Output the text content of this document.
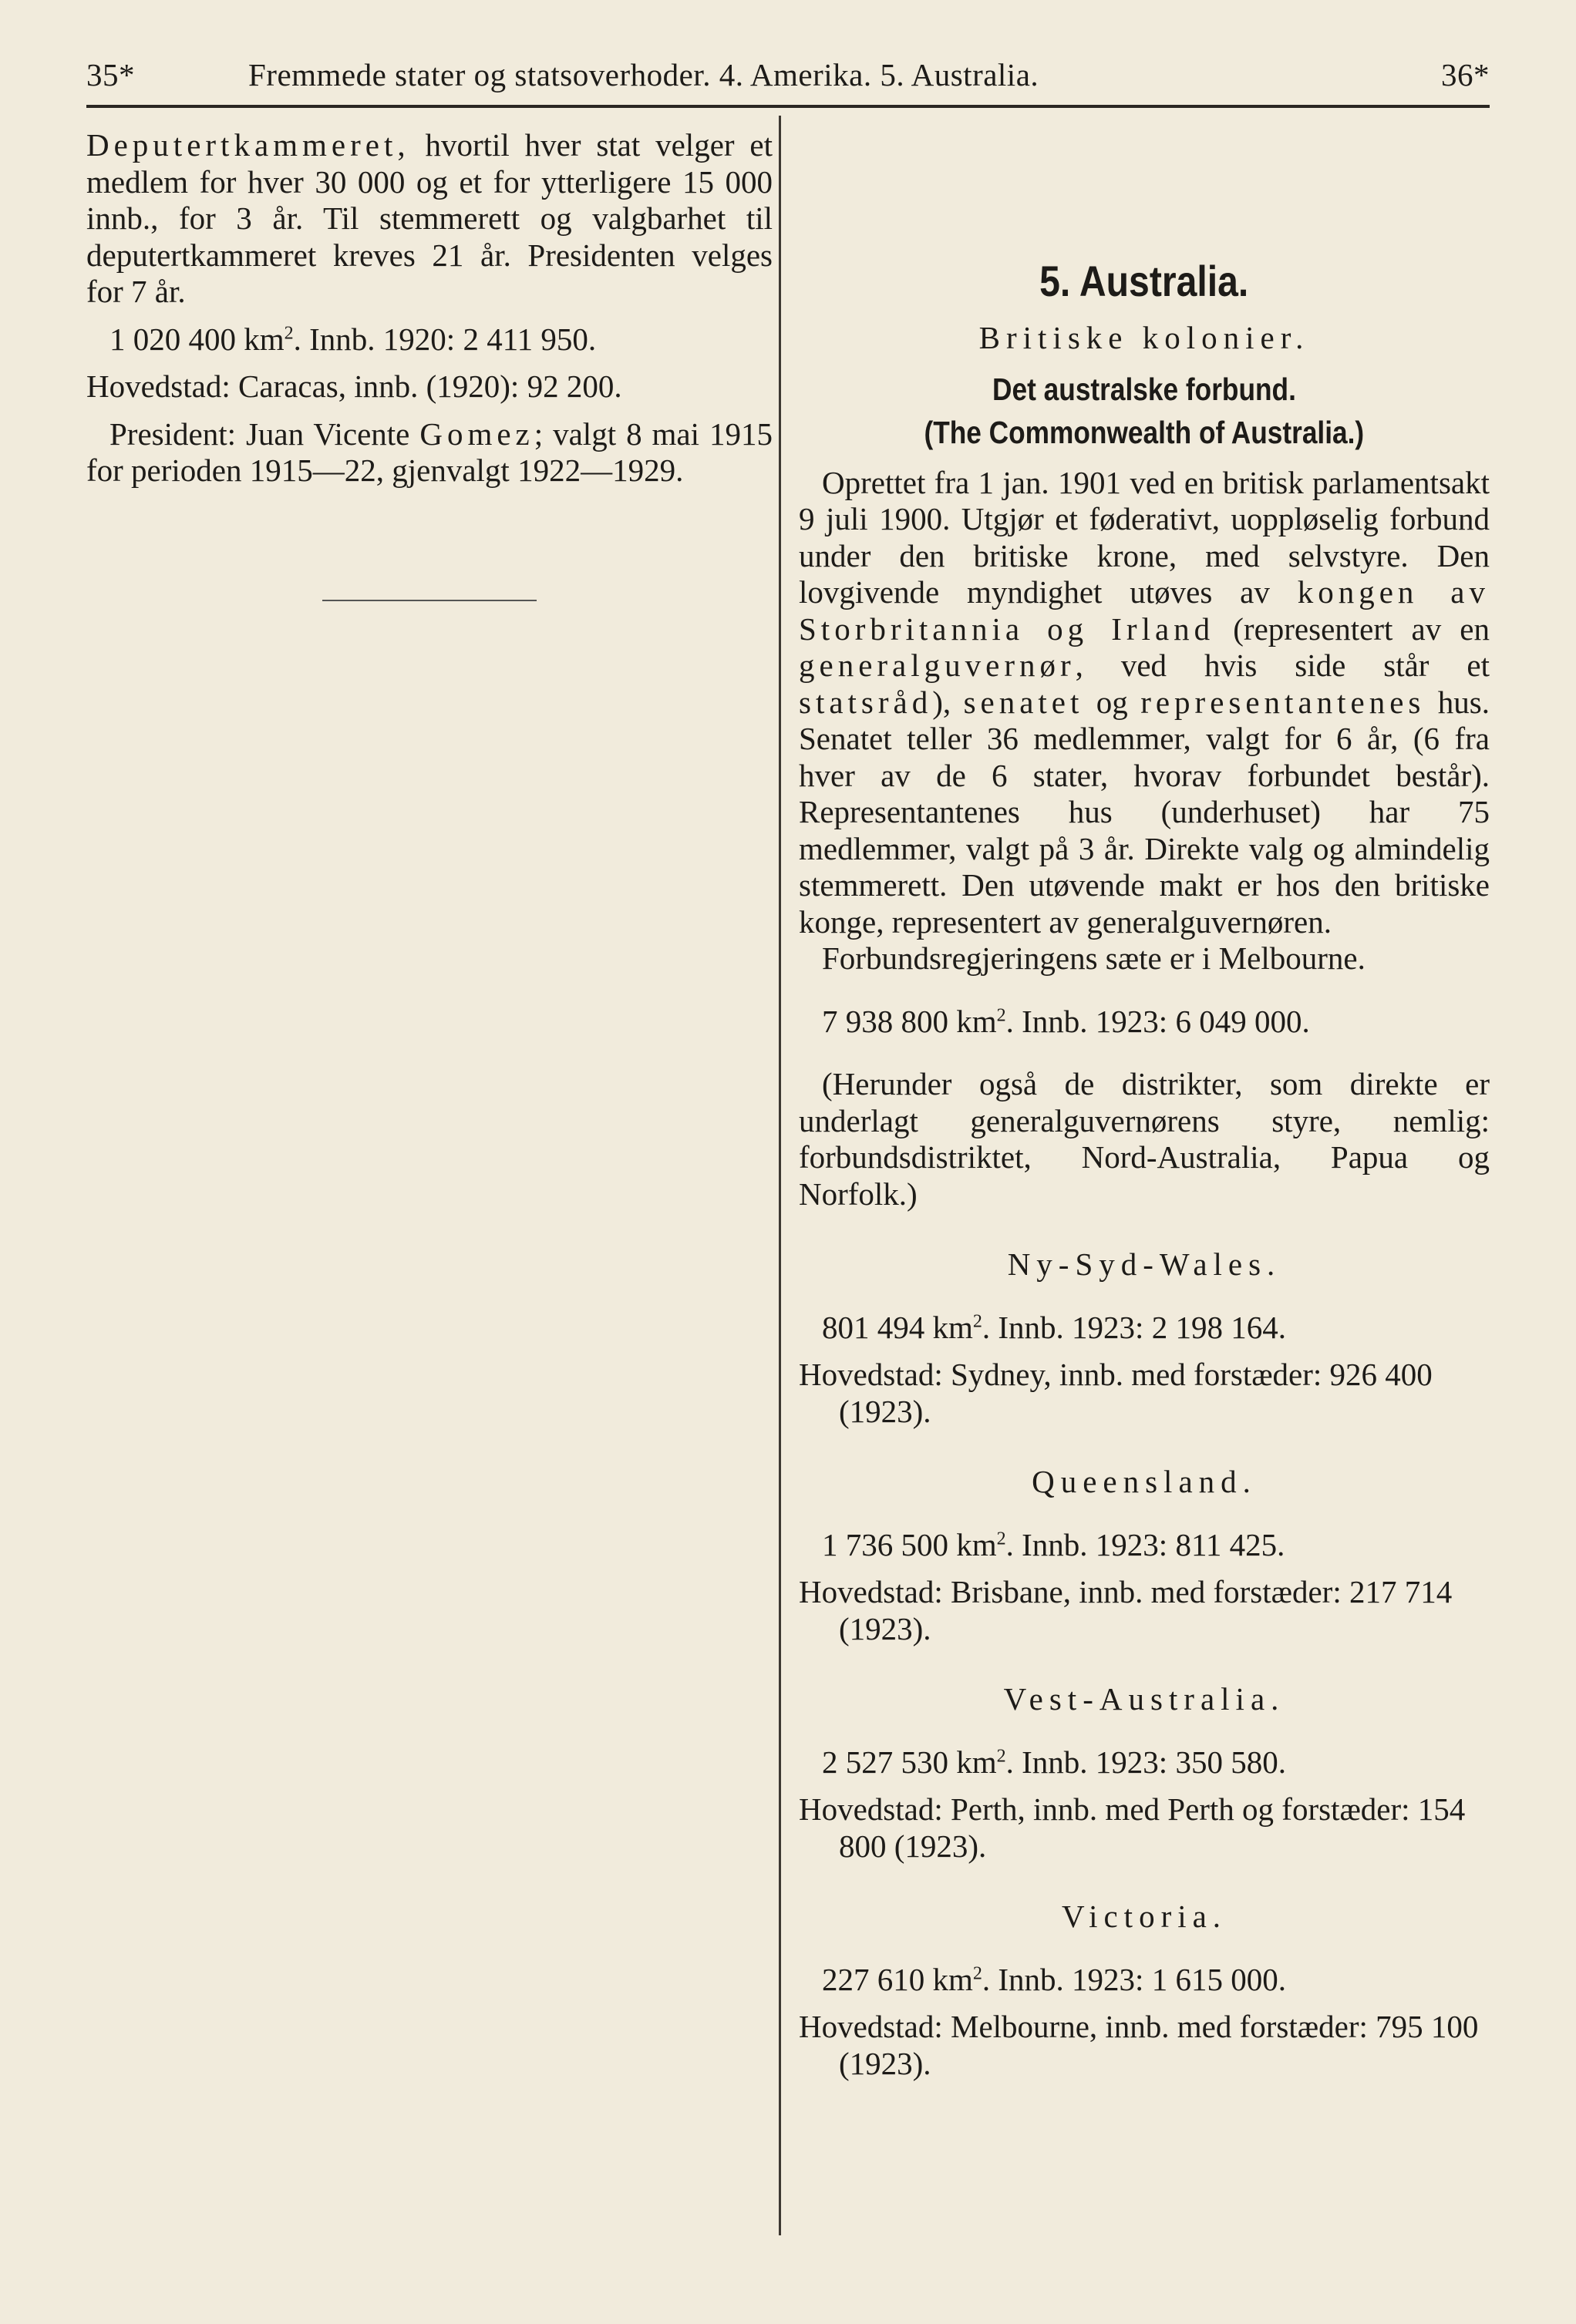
35*	Fremmede stater og statsoverhoder. 4. Amerika. 5. Australia.	36*

Deputertkammeret, hvortil hver stat velger et medlem for hver 30 000 og et for ytterligere 15 000 innb., for 3 år. Til stemmerett og valgbarhet til deputertkammeret kreves 21 år. Presidenten velges for 7 år.

1 020 400 $km^2$. Innb. 1920: 2 411 950.

Hovedstad: Caracas, innb. (1920): 92 200.

President: Juan Vicente Gomez; valgt 8 mai 1915 for perioden 1915—22, gjenvalgt 1922—1929.

5. Australia.

Britiske kolonier.

Det australske forbund.

(The Commonwealth of Australia.)

Oprettet fra 1 jan. 1901 ved en britisk parlamentsakt 9 juli 1900. Utgjør et føderativt, uoppløselig forbund under den britiske krone, med selvstyre. Den lovgivende myndighet utøves av kongen av Storbritannia og Irland (representert av en generalguvernør, ved hvis side står et statsråd), senatet og representantenes hus. Senatet teller 36 medlemmer, valgt for 6 år, (6 fra hver av de 6 stater, hvorav forbundet består). Representantenes hus (underhuset) har 75 medlemmer, valgt på 3 år. Direkte valg og almindelig stemmerett. Den utøvende makt er hos den britiske konge, representert av generalguvernøren.

Forbundsregjeringens sæte er i Melbourne.

7 938 800 $km^2$. Innb. 1923: 6 049 000.

(Herunder også de distrikter, som direkte er underlagt generalguvernørens styre, nemlig: forbundsdistriktet, Nord-Australia, Papua og Norfolk.)

Ny-Syd-Wales.

801 494 $km^2$. Innb. 1923: 2 198 164.

Hovedstad: Sydney, innb. med forstæder: 926 400 (1923).

Queensland.

1 736 500 $km^2$. Innb. 1923: 811 425.

Hovedstad: Brisbane, innb. med forstæder: 217 714 (1923).

Vest-Australia.

2 527 530 $km^2$. Innb. 1923: 350 580.

Hovedstad: Perth, innb. med Perth og forstæder: 154 800 (1923).

Victoria.

227 610 $km^2$. Innb. 1923: 1 615 000.

Hovedstad: Melbourne, innb. med forstæder: 795 100 (1923).
